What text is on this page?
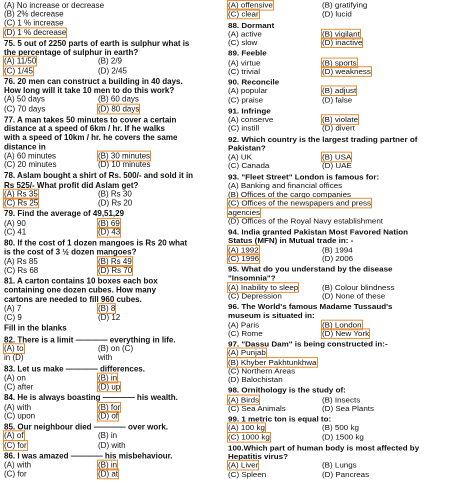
(A) No increase or decrease
(B) 2% decrease
(C) 1 % increase
(D) 1 % decrease
75. 5 out of 2250 parts of earth is sulphur what is
the percentage of sulphur in earth?
(A) 11/50	(B) 2/9
(C) 1/45	(D) 2/45
76. 20 men can construct a building in 40 days.
How long will it take 10 men to do this work?
(A) 50 days	(B) 60 days
(C) 70 days	(D) 80 days
77. A man takes 50 minutes to cover a certain
distance at a speed of 6km / hr. If he walks
with a speed of 10km / hr. he covers the same
distance in
(A) 60 minutes	(B) 30 minutes
(C) 20 minutes	(D) 10 minutes
78. Aslam bought a shirt of Rs. 500/- and sold it in
Rs 525/- What profit did Aslam get?
(A) Rs 35	(B) Rs 30
(C) Rs 25	(D) Rs 20
79. Find the average of 49,51,29
(A) 90	(B) 69
(C) 41	(D) 43
80. If the cost of 1 dozen mangoes is Rs 20 what
is the cost of 3 ½ dozen mangoes?
(A) Rs 85	(B) Rs 49
(C) Rs 68	(D) Rs 70
81. A carton contains 10 boxes each box
containing one dozen cubes. How many
cartons are needed to fill 960 cubes.
(A) 7	(B) 8
(C) 9	(D) 12
Fill in the blanks
82. There is a limit ———— everything in life.
(A) to	(B) on (C)
in (D)	with
83. Let us make ———— differences.
(A) on	(B) in
(C) after	(D) up
84. He is always boasting ———— his wealth.
(A) with	(B) for
(C) upon	(D) of
85. Our neighbour died ———— over work.
(A) of	(B) in
(C) for	(D) with
86. I was amazed ———— his misbehaviour.
(A) with	(B) in
(C) for	(D) at
(A) offensive	(B) gratifying
(C) clear	(D) lucid
88. Dormant
(A) active	(B) vigilant
(C) slow	(D) inactive
89. Feeble
(A) virtue	(B) sports
(C) trivial	(D) weakness
90. Reconcile
(A) popular	(B) adjust
(C) praise	(D) false
91. Infringe
(A) conserve	(B) violate
(C) instill	(D) divert
92. Which country is the largest trading partner of
Pakistan?
(A) UK	(B) USA
(C) Canada	(D) UAE
93. "Fleet Street" London is famous for:
(A) Banking and financial offices
(B) Offices of the cargo companies
(C) Offices of the newspapers and press
agencies
(D) Offices of the Royal Navy establishment
94. India granted Pakistan Most Favored Nation
Status (MFN) in Mutual trade in: -
(A) 1992	(B) 1994
(C) 1996	(D) 2006
95. What do you understand by the disease
"Insomnia"?
(A) Inability to sleep	(B) Colour blindness
(C) Depression	(D) None of these
96. The World's famous Madame Tussaud's
museum is situated in:
(A) Paris	(B) London
(C) Rome	(D) New York
97. "Dassu Dam" is being constructed in:-
(A) Punjab
(B) Khyber Pakhtunkhwa
(C) Northern Areas
(D) Balochistan
98. Ornithology is the study of:
(A) Birds	(B) Insects
(C) Sea Animals	(D) Sea Plants
99. 1 metric ton is equal to:
(A) 100 kg	(B) 500 kg
(C) 1000 kg	(D) 1500 kg
100.Which part of human body is most affected by
Hepatitis virus?
(A) Liver	(B) Lungs
(C) Spleen	(D) Pancreas
